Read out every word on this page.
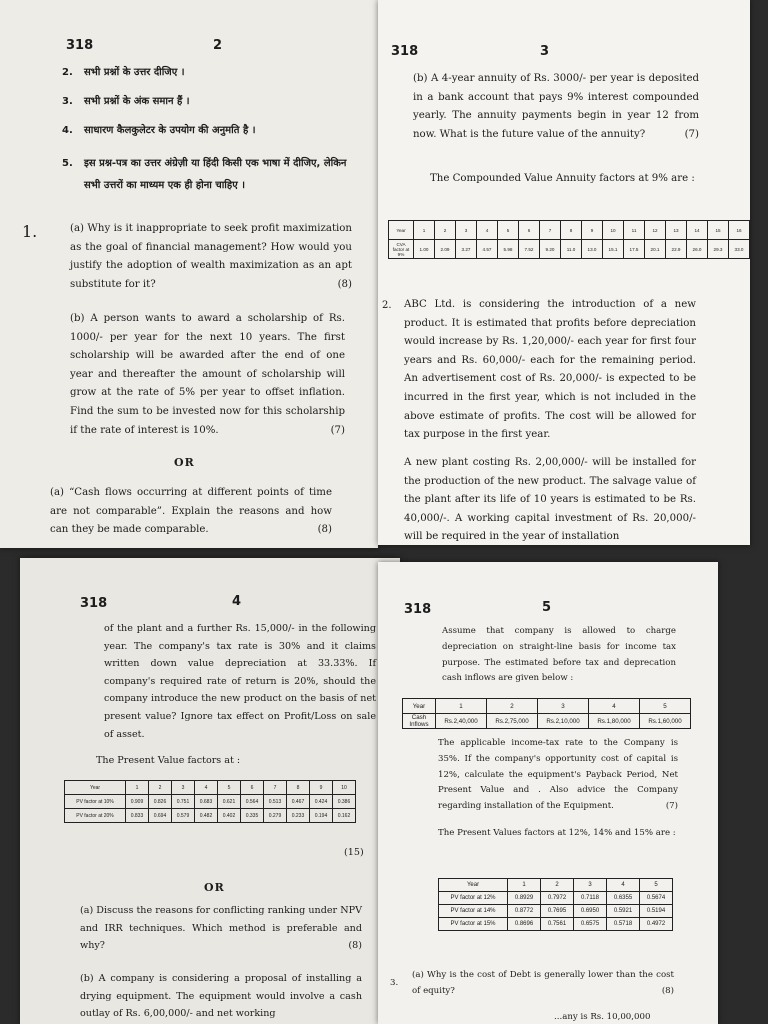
318	2
2.	सभी प्रश्नों के उत्तर दीजिए ।
3.	सभी प्रश्नों के अंक समान हैं ।
4.	साधारण कैलकुलेटर के उपयोग की अनुमति है ।
5.	इस प्रश्न-पत्र का उत्तर अंग्रेज़ी या हिंदी किसी एक भाषा में दीजिए, लेकिन सभी उत्तरों का माध्यम एक ही होना चाहिए ।
1.	(a) Why is it inappropriate to seek profit maximization as the goal of financial management? How would you justify the adoption of wealth maximization as an apt substitute for it?	(8)
(b) A person wants to award a scholarship of Rs. 1000/- per year for the next 10 years. The first scholarship will be awarded after the end of one year and thereafter the amount of scholarship will grow at the rate of 5% per year to offset inflation. Find the sum to be invested now for this scholarship if the rate of interest is 10%.	(7)
OR
(a) “Cash flows occurring at different points of time are not comparable”. Explain the reasons and how can they be made comparable.	(8)
318	3
(b) A 4-year annuity of Rs. 3000/- per year is deposited in a bank account that pays 9% interest compounded yearly. The annuity payments begin in year 12 from now. What is the future value of the annuity?	(7)
The Compounded Value Annuity factors at 9% are :
Year	1	2	3	4	5	6	7	8	9	10	11	12	13	14	15	16
CVA factor at 9%	1.00	2.09	3.27	4.57	5.98	7.52	9.20	11.0	13.0	15.1	17.5	20.1	22.9	26.0	29.3	33.0
2. ABC Ltd. is considering the introduction of a new product. It is estimated that profits before depreciation would increase by Rs. 1,20,000/- each year for first four years and Rs. 60,000/- each for the remaining period. An advertisement cost of Rs. 20,000/- is expected to be incurred in the first year, which is not included in the above estimate of profits. The cost will be allowed for tax purpose in the first year.
A new plant costing Rs. 2,00,000/- will be installed for the production of the new product. The salvage value of the plant after its life of 10 years is estimated to be Rs. 40,000/-. A working capital investment of Rs. 20,000/- will be required in the year of installation
318	4
of the plant and a further Rs. 15,000/- in the following year. The company's tax rate is 30% and it claims written down value depreciation at 33.33%. If company's required rate of return is 20%, should the company introduce the new product on the basis of net present value? Ignore tax effect on Profit/Loss on sale of asset.
The Present Value factors at :
Year	1	2	3	4	5	6	7	8	9	10
PV factor at 10%	0.909	0.826	0.751	0.683	0.621	0.564	0.513	0.467	0.424	0.386
PV factor at 20%	0.833	0.694	0.579	0.482	0.402	0.335	0.279	0.233	0.194	0.162
(15)
OR
(a) Discuss the reasons for conflicting ranking under NPV and IRR techniques. Which method is preferable and why?	(8)
(b) A company is considering a proposal of installing a drying equipment. The equipment would involve a cash outlay of Rs. 6,00,000/- and net working
318	5
Assume that company is allowed to charge depreciation on straight-line basis for income tax purpose. The estimated before tax and deprecation cash inflows are given below :
Year	1	2	3	4	5
Cash Inflows	Rs.2,40,000	Rs.2,75,000	Rs.2,10,000	Rs.1,80,000	Rs.1,60,000
The applicable income-tax rate to the Company is 35%. If the company's opportunity cost of capital is 12%, calculate the equipment's Payback Period, Net Present Value and . Also advice the Company regarding installation of the Equipment.	(7)
The Present Values factors at 12%, 14% and 15% are :
Year	1	2	3	4	5
PV factor at 12%	0.8929	0.7972	0.7118	0.6355	0.5674
PV factor at 14%	0.8772	0.7695	0.6950	0.5921	0.5194
PV factor at 15%	0.8696	0.7561	0.6575	0.5718	0.4972
3.
(a) Why is the cost of Debt is generally lower than the cost of equity?	(8)
...any is Rs. 10,00,000
